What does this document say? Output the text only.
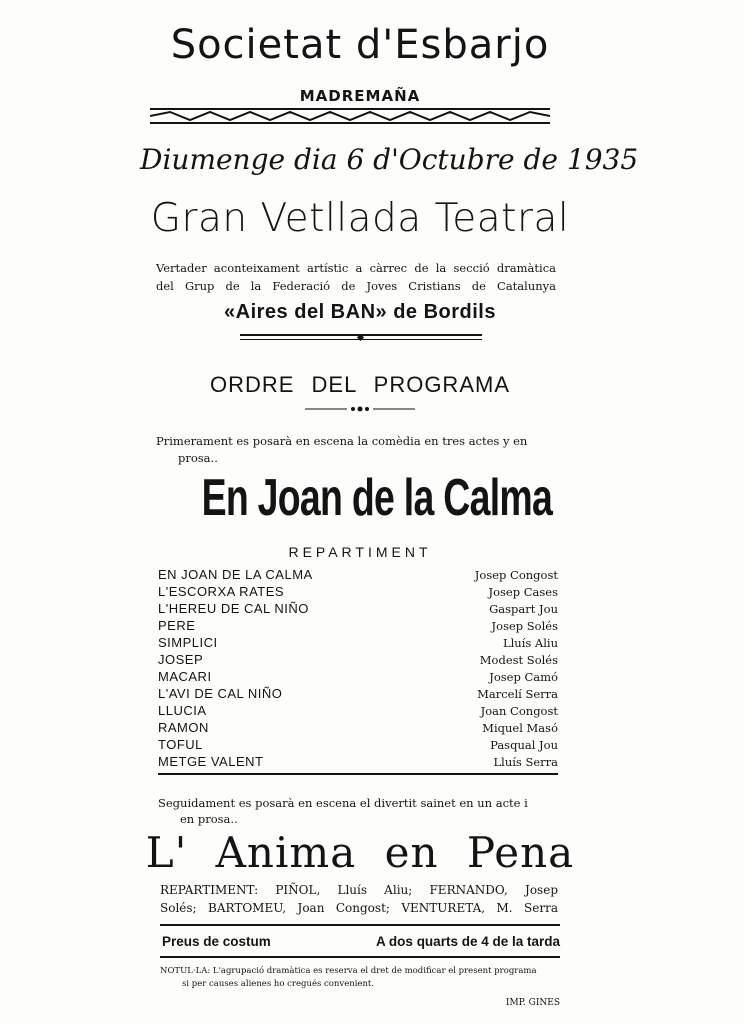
Societat d'Esbarjo
MADREMAÑA
Diumenge dia 6 d'Octubre de 1935
Gran Vetllada Teatral
Vertader aconteixament artístic a càrrec de la secció dramàtica
del Grup de la Federació de Joves Cristians de Catalunya
«Aires del BAN» de Bordils
ORDRE DEL PROGRAMA
Primerament es posarà en escena la comèdia en tres actes y en
prosa..
En Joan de la Calma
REPARTIMENT
EN JOAN DE LA CALMA	Josep Congost
L'ESCORXA RATES	Josep Cases
L'HEREU DE CAL NIÑO	Gaspart Jou
PERE	Josep Solés
SIMPLICI	Lluís Aliu
JOSEP	Modest Solés
MACARI	Josep Camó
L'AVI DE CAL NIÑO	Marcelí Serra
LLUCIA	Joan Congost
RAMON	Miquel Masó
TOFUL	Pasqual Jou
METGE VALENT	Lluís Serra
Seguidament es posarà en escena el divertit sainet en un acte i
en prosa..
L' Anima en Pena
REPARTIMENT: PIÑOL, Lluís Aliu; FERNANDO, Josep
Solés; BARTOMEU, Joan Congost; VENTURETA, M. Serra
Preus de costum	A dos quarts de 4 de la tarda
NOTUL·LA: L'agrupació dramàtica es reserva el dret de modificar el present programa
si per causes alienes ho cregués convenient.
IMP. GINES
